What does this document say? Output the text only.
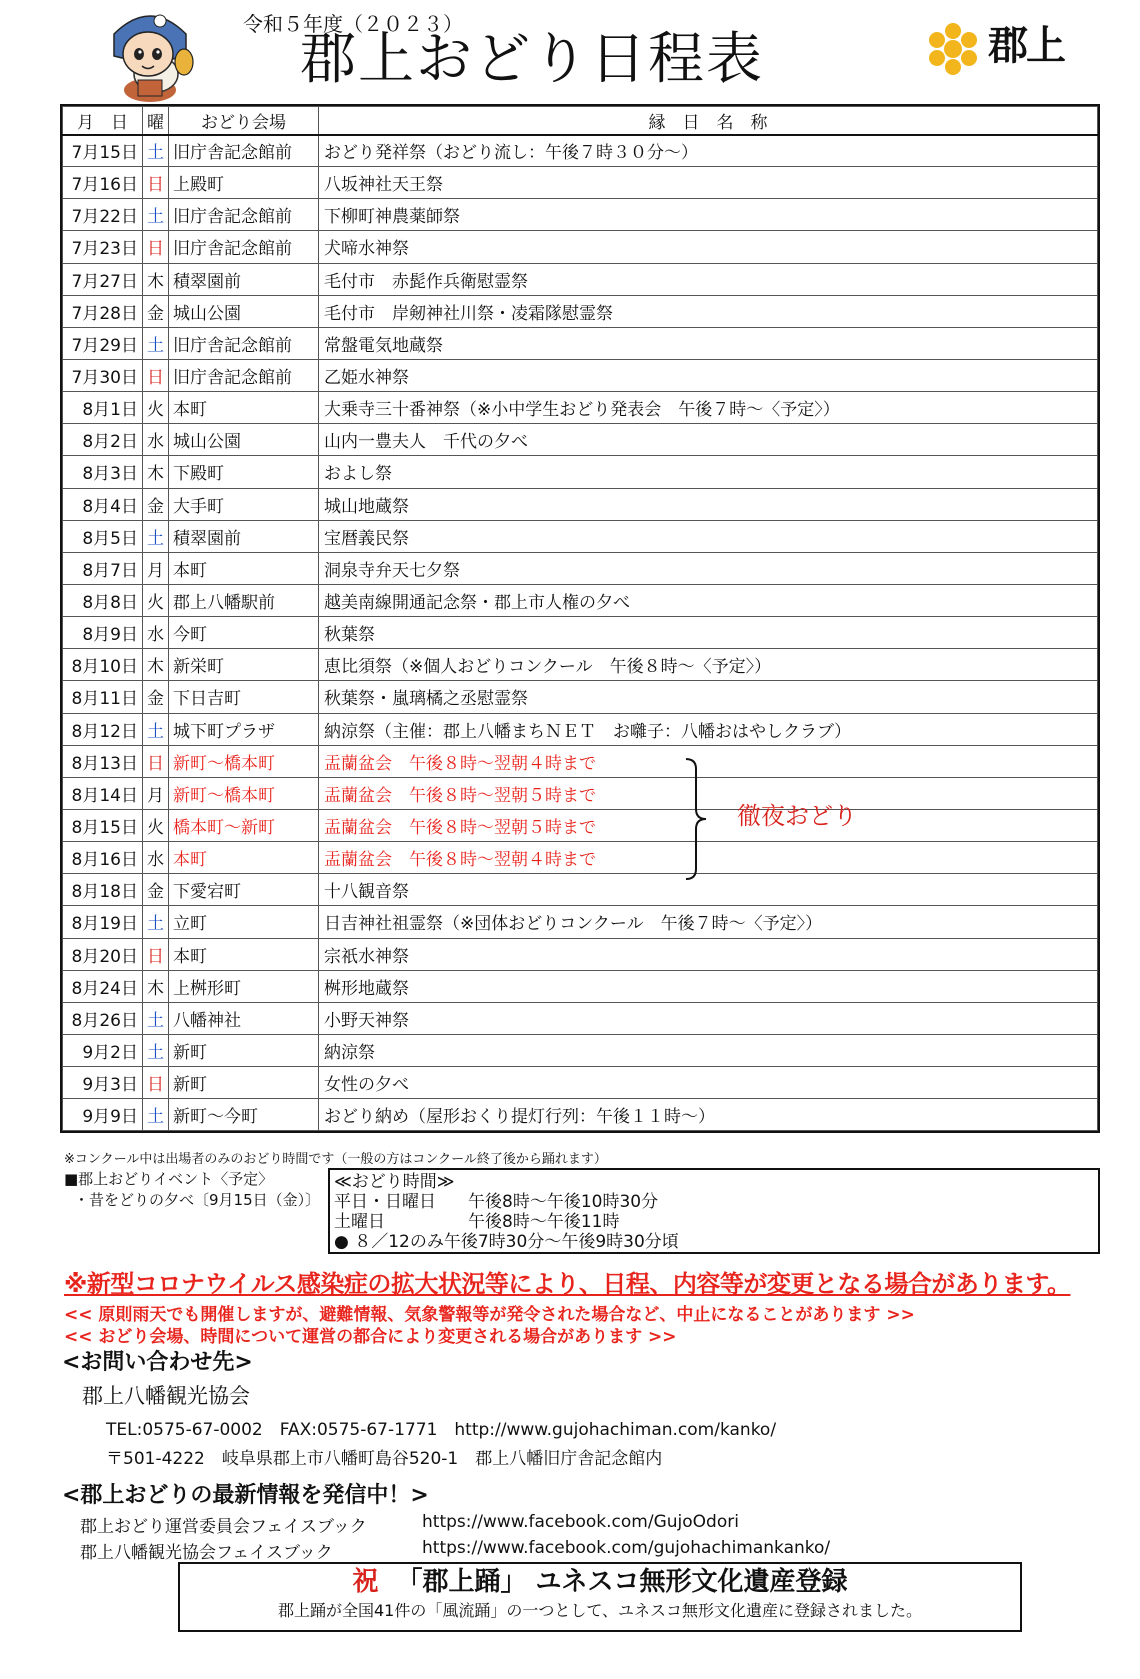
令和５年度（２０２３）
郡上おどり日程表	郡上
月　日	曜	おどり会場	縁　日　名　称
7月15日	土	旧庁舎記念館前	おどり発祥祭（おどり流し：午後７時３０分〜）
7月16日	日	上殿町	八坂神社天王祭
7月22日	土	旧庁舎記念館前	下柳町神農薬師祭
7月23日	日	旧庁舎記念館前	犬啼水神祭
7月27日	木	積翠園前	毛付市　赤髭作兵衛慰霊祭
7月28日	金	城山公園	毛付市　岸剱神社川祭・凌霜隊慰霊祭
7月29日	土	旧庁舎記念館前	常盤電気地蔵祭
7月30日	日	旧庁舎記念館前	乙姫水神祭
8月1日	火	本町	大乗寺三十番神祭（※小中学生おどり発表会　午後７時〜〈予定〉）
8月2日	水	城山公園	山内一豊夫人　千代の夕べ
8月3日	木	下殿町	およし祭
8月4日	金	大手町	城山地蔵祭
8月5日	土	積翠園前	宝暦義民祭
8月7日	月	本町	洞泉寺弁天七夕祭
8月8日	火	郡上八幡駅前	越美南線開通記念祭・郡上市人権の夕べ
8月9日	水	今町	秋葉祭
8月10日	木	新栄町	恵比須祭（※個人おどりコンクール　午後８時〜〈予定〉）
8月11日	金	下日吉町	秋葉祭・嵐璃橘之丞慰霊祭
8月12日	土	城下町プラザ	納涼祭（主催：郡上八幡まちＮＥＴ　お囃子：八幡おはやしクラブ）
8月13日	日	新町〜橋本町	盂蘭盆会　午後８時〜翌朝４時まで
8月14日	月	新町〜橋本町	盂蘭盆会　午後８時〜翌朝５時まで
8月15日	火	橋本町〜新町	盂蘭盆会　午後８時〜翌朝５時まで
8月16日	水	本町	盂蘭盆会　午後８時〜翌朝４時まで
8月18日	金	下愛宕町	十八観音祭
8月19日	土	立町	日吉神社祖霊祭（※団体おどりコンクール　午後７時〜〈予定〉）
8月20日	日	本町	宗祇水神祭
8月24日	木	上桝形町	桝形地蔵祭
8月26日	土	八幡神社	小野天神祭
9月2日	土	新町	納涼祭
9月3日	日	新町	女性の夕べ
9月9日	土	新町〜今町	おどり納め（屋形おくり提灯行列：午後１１時〜）
徹夜おどり
※コンクール中は出場者のみのおどり時間です（一般の方はコンクール終了後から踊れます）
■郡上おどりイベント〈予定〉
・昔をどりの夕べ〔9月15日（金）〕
≪おどり時間≫
平日・日曜日	午後8時〜午後10時30分
土曜日	午後8時〜午後11時
● ８／12のみ午後7時30分〜午後9時30分頃
※新型コロナウイルス感染症の拡大状況等により、日程、内容等が変更となる場合があります。
<< 原則雨天でも開催しますが、避難情報、気象警報等が発令された場合など、中止になることがあります >>
<< おどり会場、時間について運営の都合により変更される場合があります >>
<お問い合わせ先>
郡上八幡観光協会
TEL:0575-67-0002　FAX:0575-67-1771　http://www.gujohachiman.com/kanko/
〒501-4222　岐阜県郡上市八幡町島谷520-1　郡上八幡旧庁舎記念館内
<郡上おどりの最新情報を発信中！>
郡上おどり運営委員会フェイスブック	https://www.facebook.com/GujoOdori
郡上八幡観光協会フェイスブック	https://www.facebook.com/gujohachimankanko/
祝 「郡上踊」 ユネスコ無形文化遺産登録
郡上踊が全国41件の「風流踊」の一つとして、ユネスコ無形文化遺産に登録されました。
